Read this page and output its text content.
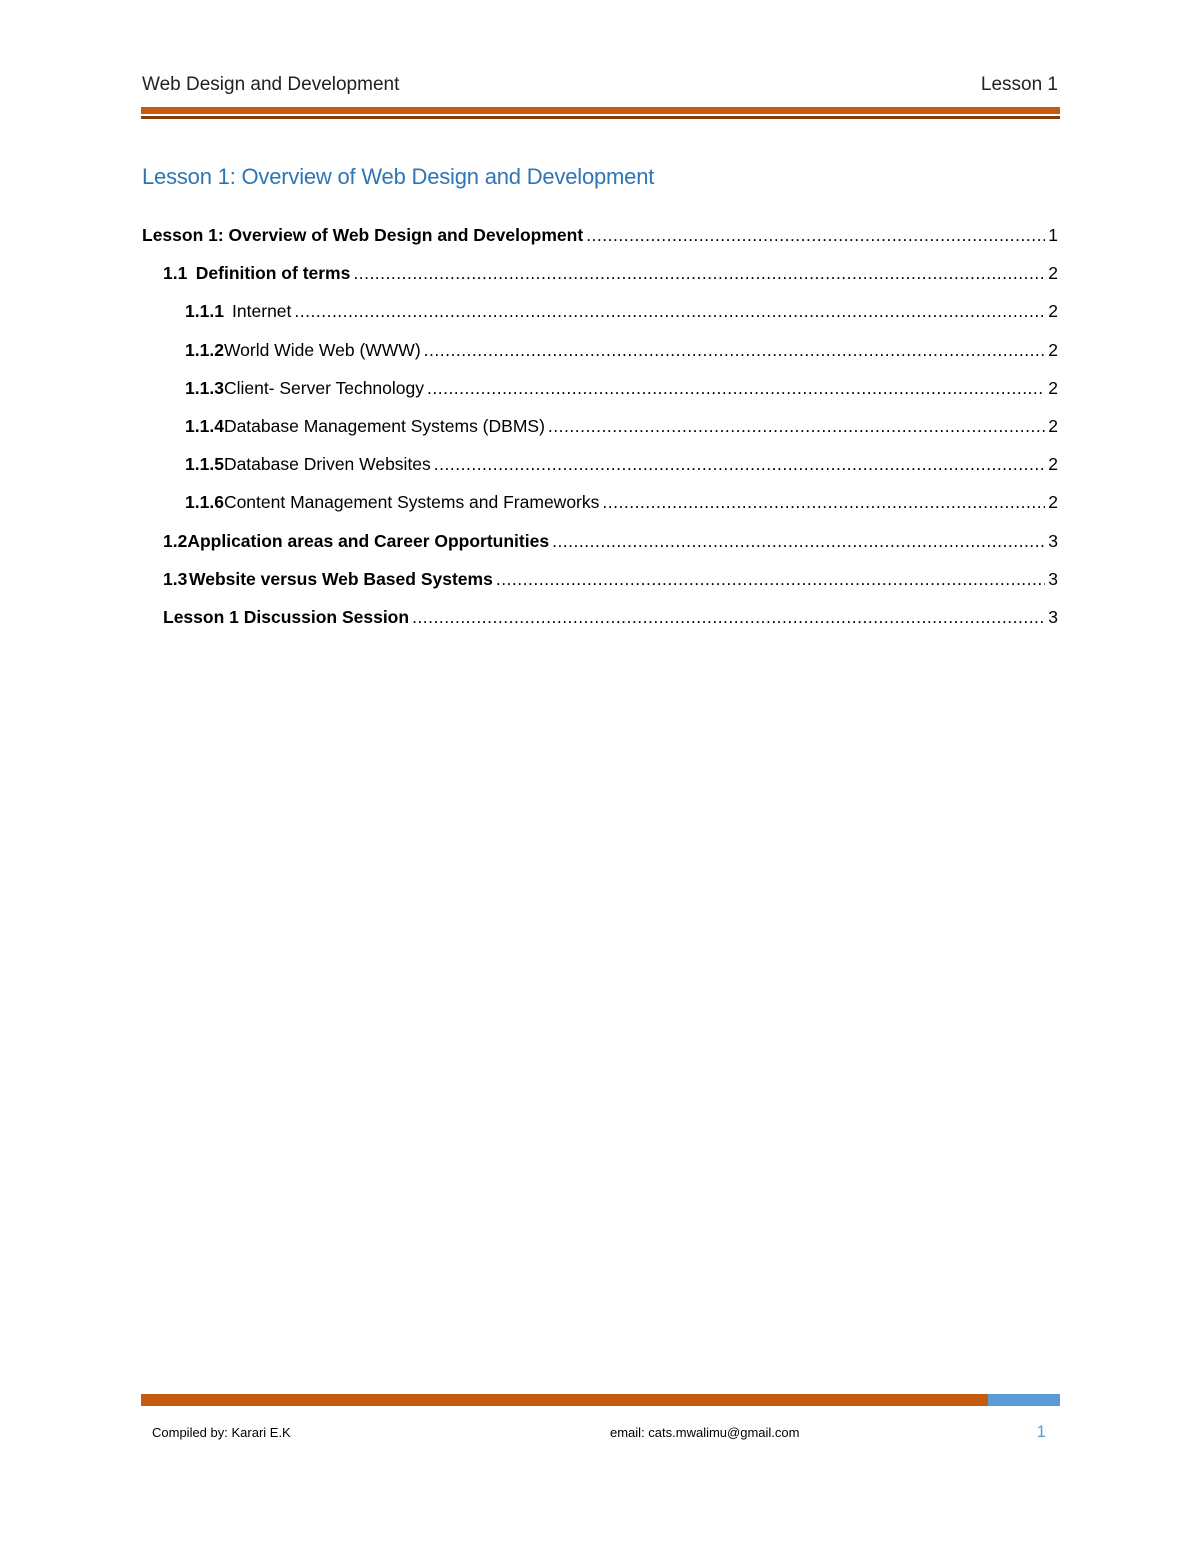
Web Design and Development	Lesson 1
Lesson 1: Overview of Web Design and Development
Lesson 1: Overview of Web Design and Development .....	1
1.1 Definition of terms .....	2
1.1.1 Internet .....	2
1.1.2 World Wide Web (WWW) .....	2
1.1.3 Client- Server Technology .....	2
1.1.4 Database Management Systems (DBMS) .....	2
1.1.5 Database Driven Websites .....	2
1.1.6 Content Management Systems and Frameworks .....	2
1.2 Application areas and Career Opportunities .....	3
1.3 Website versus Web Based Systems .....	3
Lesson 1 Discussion Session .....	3
Compiled by: Karari E.K	email: cats.mwalimu@gmail.com	1
